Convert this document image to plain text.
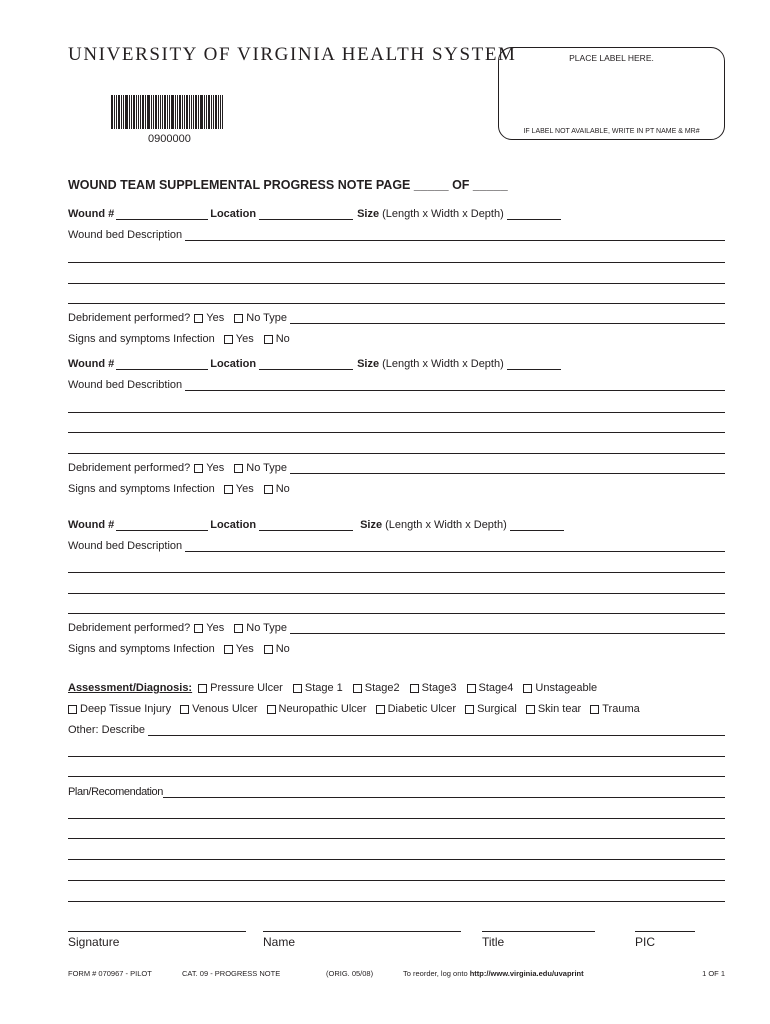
UNIVERSITY OF VIRGINIA HEALTH SYSTEM	PLACE LABEL HERE.
IF LABEL NOT AVAILABLE, WRITE IN PT NAME & MR#
0900000
WOUND TEAM SUPPLEMENTAL PROGRESS NOTE PAGE _____ OF _____
Wound #	Location	Size (Length x Width x Depth)
Wound bed Description
Debridement performed? Yes No Type
Signs and symptoms Infection Yes No
Wound #	Location	Size (Length x Width x Depth)
Wound bed Describtion
Debridement performed? Yes No Type
Signs and symptoms Infection Yes No
Wound #	Location	Size (Length x Width x Depth)
Wound bed Description
Debridement performed? Yes No Type
Signs and symptoms Infection Yes No
Assessment/Diagnosis: Pressure Ulcer Stage 1 Stage2 Stage3 Stage4 Unstageable
Deep Tissue Injury Venous Ulcer Neuropathic Ulcer Diabetic Ulcer Surgical Skin tear Trauma
Other: Describe
Plan/Recomendation
Signature	Name	Title	PIC
FORM # 070967 - PILOT	CAT. 09 - PROGRESS NOTE	(ORIG. 05/08)	To reorder, log onto http://www.virginia.edu/uvaprint	1 OF 1
